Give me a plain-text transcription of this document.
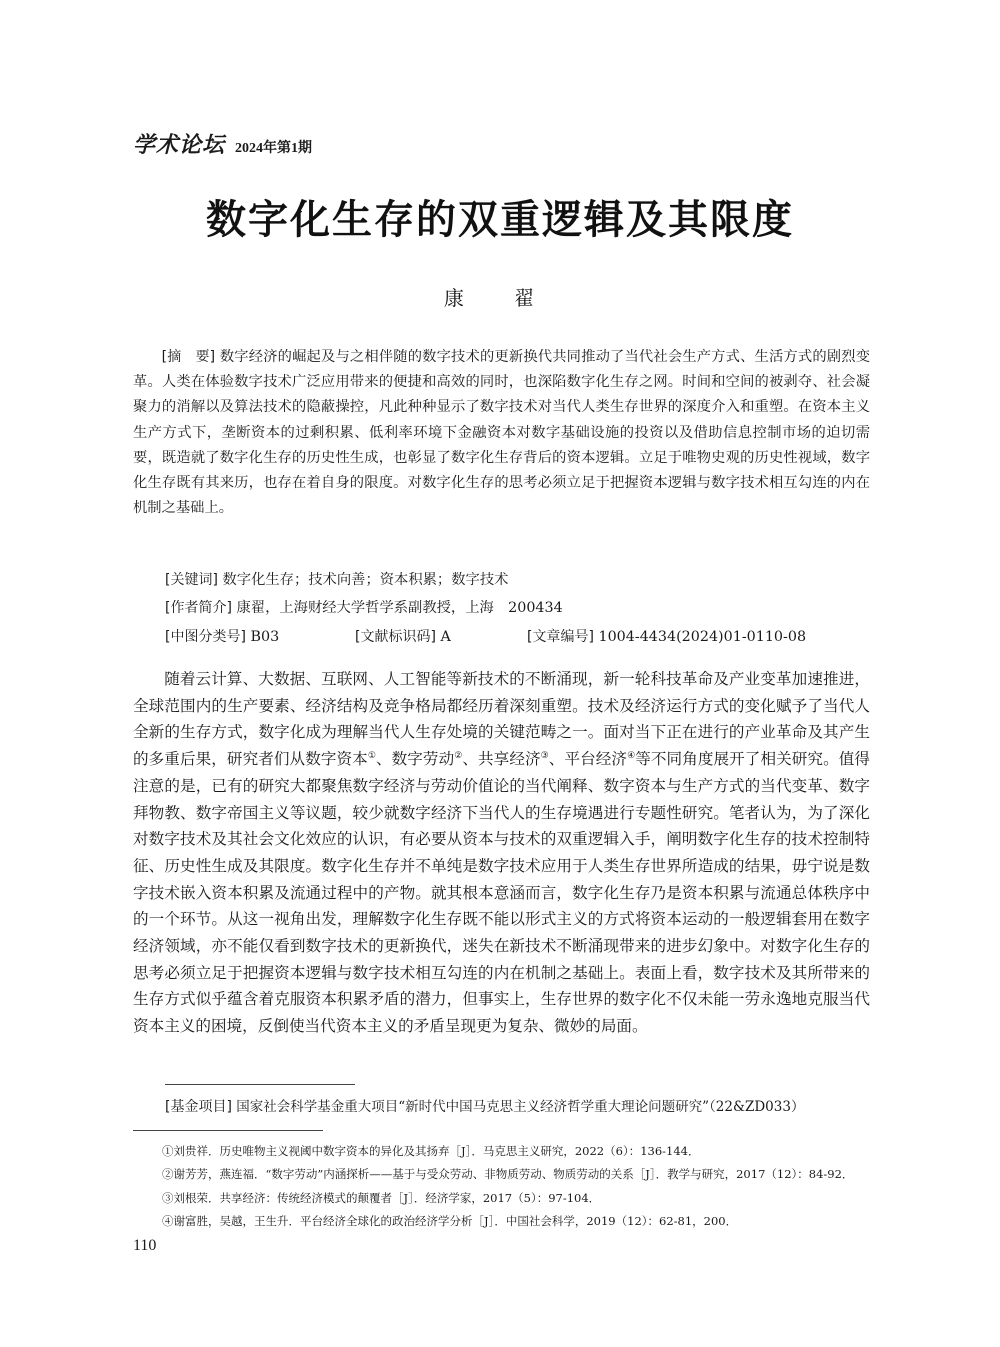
学术论坛 2024年第1期
数字化生存的双重逻辑及其限度
康 翟
[摘　要] 数字经济的崛起及与之相伴随的数字技术的更新换代共同推动了当代社会生产方式、生活方式的剧烈变革。人类在体验数字技术广泛应用带来的便捷和高效的同时，也深陷数字化生存之网。时间和空间的被剥夺、社会凝聚力的消解以及算法技术的隐蔽操控，凡此种种显示了数字技术对当代人类生存世界的深度介入和重塑。在资本主义生产方式下，垄断资本的过剩积累、低利率环境下金融资本对数字基础设施的投资以及借助信息控制市场的迫切需要，既造就了数字化生存的历史性生成，也彰显了数字化生存背后的资本逻辑。立足于唯物史观的历史性视域，数字化生存既有其来历，也存在着自身的限度。对数字化生存的思考必须立足于把握资本逻辑与数字技术相互勾连的内在机制之基础上。
[关键词] 数字化生存；技术向善；资本积累；数字技术
[作者简介] 康翟，上海财经大学哲学系副教授，上海　200434
[中图分类号] B03	[文献标识码] A	[文章编号] 1004-4434(2024)01-0110-08
随着云计算、大数据、互联网、人工智能等新技术的不断涌现，新一轮科技革命及产业变革加速推进，全球范围内的生产要素、经济结构及竞争格局都经历着深刻重塑。技术及经济运行方式的变化赋予了当代人全新的生存方式，数字化成为理解当代人生存处境的关键范畴之一。面对当下正在进行的产业革命及其产生的多重后果，研究者们从数字资本①、数字劳动②、共享经济③、平台经济④等不同角度展开了相关研究。值得注意的是，已有的研究大都聚焦数字经济与劳动价值论的当代阐释、数字资本与生产方式的当代变革、数字拜物教、数字帝国主义等议题，较少就数字经济下当代人的生存境遇进行专题性研究。笔者认为，为了深化对数字技术及其社会文化效应的认识，有必要从资本与技术的双重逻辑入手，阐明数字化生存的技术控制特征、历史性生成及其限度。数字化生存并不单纯是数字技术应用于人类生存世界所造成的结果，毋宁说是数字技术嵌入资本积累及流通过程中的产物。就其根本意涵而言，数字化生存乃是资本积累与流通总体秩序中的一个环节。从这一视角出发，理解数字化生存既不能以形式主义的方式将资本运动的一般逻辑套用在数字经济领域，亦不能仅看到数字技术的更新换代，迷失在新技术不断涌现带来的进步幻象中。对数字化生存的思考必须立足于把握资本逻辑与数字技术相互勾连的内在机制之基础上。表面上看，数字技术及其所带来的生存方式似乎蕴含着克服资本积累矛盾的潜力，但事实上，生存世界的数字化不仅未能一劳永逸地克服当代资本主义的困境，反倒使当代资本主义的矛盾呈现更为复杂、微妙的局面。
[基金项目] 国家社会科学基金重大项目“新时代中国马克思主义经济哲学重大理论问题研究”（22&ZD033）
①刘贵祥．历史唯物主义视阈中数字资本的异化及其扬弃［J］．马克思主义研究，2022（6）：136-144．
②谢芳芳，燕连福．“数字劳动”内涵探析——基于与受众劳动、非物质劳动、物质劳动的关系［J］．教学与研究，2017（12）：84-92．
③刘根荣．共享经济：传统经济模式的颠覆者［J］．经济学家，2017（5）：97-104．
④谢富胜，吴越，王生升．平台经济全球化的政治经济学分析［J］．中国社会科学，2019（12）：62-81，200．
110
